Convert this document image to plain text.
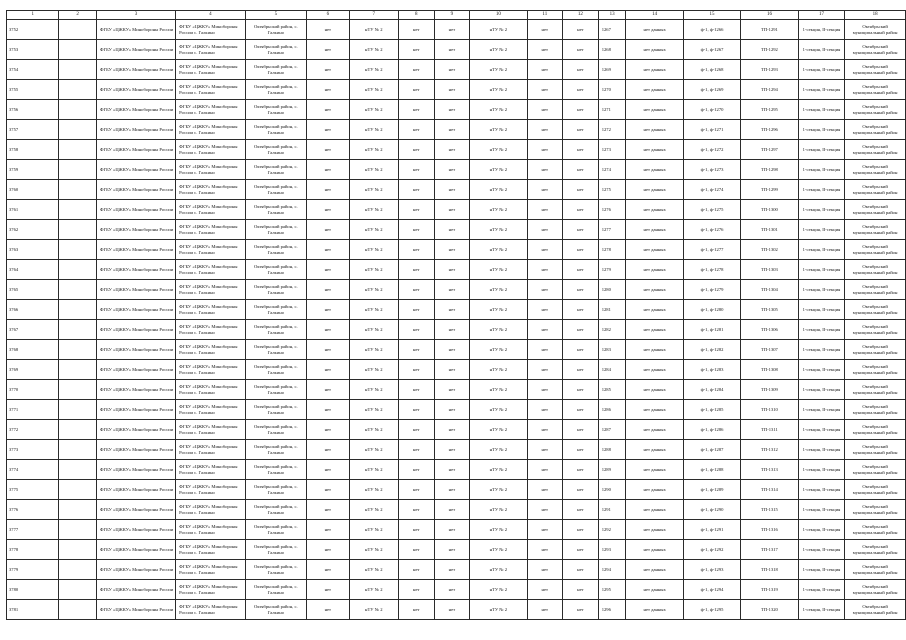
1	2	3	4	5	6	7	8	9	10	11	12	13	14	15	16	17	18
3752		ФГБУ «ЦЖКУ» Минобороны России	ФГБУ «ЦЖКУ» Минобороны России с. Галкино	Октябрьский район, с. Галкино	нет	нТУ № 2	нет	нет	нТУ № 2	нет	нет	1267	нет данных	ф-1, ф-1266	ТП-1291	1-секция, II-секция	Октябрьский муниципальный район
3753		ФГБУ «ЦЖКУ» Минобороны России	ФГБУ «ЦЖКУ» Минобороны России с. Галкино	Октябрьский район, с. Галкино	нет	нТУ № 2	нет	нет	нТУ № 2	нет	нет	1268	нет данных	ф-1, ф-1267	ТП-1292	1-секция, II-секция	Октябрьский муниципальный район
3754		ФГБУ «ЦЖКУ» Минобороны России	ФГБУ «ЦЖКУ» Минобороны России с. Галкино	Октябрьский район, с. Галкино	нет	нТУ № 2	нет	нет	нТУ № 2	нет	нет	1269	нет данных	ф-1, ф-1268	ТП-1293	1-секция, II-секция	Октябрьский муниципальный район
3755		ФГБУ «ЦЖКУ» Минобороны России	ФГБУ «ЦЖКУ» Минобороны России с. Галкино	Октябрьский район, с. Галкино	нет	нТУ № 2	нет	нет	нТУ № 2	нет	нет	1270	нет данных	ф-1, ф-1269	ТП-1294	1-секция, II-секция	Октябрьский муниципальный район
3756		ФГБУ «ЦЖКУ» Минобороны России	ФГБУ «ЦЖКУ» Минобороны России с. Галкино	Октябрьский район, с. Галкино	нет	нТУ № 2	нет	нет	нТУ № 2	нет	нет	1271	нет данных	ф-1, ф-1270	ТП-1295	1-секция, II-секция	Октябрьский муниципальный район
3757		ФГБУ «ЦЖКУ» Минобороны России	ФГБУ «ЦЖКУ» Минобороны России с. Галкино	Октябрьский район, с. Галкино	нет	нТУ № 2	нет	нет	нТУ № 2	нет	нет	1272	нет данных	ф-1, ф-1271	ТП-1296	1-секция, II-секция	Октябрьский муниципальный район
3758		ФГБУ «ЦЖКУ» Минобороны России	ФГБУ «ЦЖКУ» Минобороны России с. Галкино	Октябрьский район, с. Галкино	нет	нТУ № 2	нет	нет	нТУ № 2	нет	нет	1273	нет данных	ф-1, ф-1272	ТП-1297	1-секция, II-секция	Октябрьский муниципальный район
3759		ФГБУ «ЦЖКУ» Минобороны России	ФГБУ «ЦЖКУ» Минобороны России с. Галкино	Октябрьский район, с. Галкино	нет	нТУ № 2	нет	нет	нТУ № 2	нет	нет	1274	нет данных	ф-1, ф-1273	ТП-1298	1-секция, II-секция	Октябрьский муниципальный район
3760		ФГБУ «ЦЖКУ» Минобороны России	ФГБУ «ЦЖКУ» Минобороны России с. Галкино	Октябрьский район, с. Галкино	нет	нТУ № 2	нет	нет	нТУ № 2	нет	нет	1275	нет данных	ф-1, ф-1274	ТП-1299	1-секция, II-секция	Октябрьский муниципальный район
3761		ФГБУ «ЦЖКУ» Минобороны России	ФГБУ «ЦЖКУ» Минобороны России с. Галкино	Октябрьский район, с. Галкино	нет	нТУ № 2	нет	нет	нТУ № 2	нет	нет	1276	нет данных	ф-1, ф-1275	ТП-1300	1-секция, II-секция	Октябрьский муниципальный район
3762		ФГБУ «ЦЖКУ» Минобороны России	ФГБУ «ЦЖКУ» Минобороны России с. Галкино	Октябрьский район, с. Галкино	нет	нТУ № 2	нет	нет	нТУ № 2	нет	нет	1277	нет данных	ф-1, ф-1276	ТП-1301	1-секция, II-секция	Октябрьский муниципальный район
3763		ФГБУ «ЦЖКУ» Минобороны России	ФГБУ «ЦЖКУ» Минобороны России с. Галкино	Октябрьский район, с. Галкино	нет	нТУ № 2	нет	нет	нТУ № 2	нет	нет	1278	нет данных	ф-1, ф-1277	ТП-1302	1-секция, II-секция	Октябрьский муниципальный район
3764		ФГБУ «ЦЖКУ» Минобороны России	ФГБУ «ЦЖКУ» Минобороны России с. Галкино	Октябрьский район, с. Галкино	нет	нТУ № 2	нет	нет	нТУ № 2	нет	нет	1279	нет данных	ф-1, ф-1278	ТП-1303	1-секция, II-секция	Октябрьский муниципальный район
3765		ФГБУ «ЦЖКУ» Минобороны России	ФГБУ «ЦЖКУ» Минобороны России с. Галкино	Октябрьский район, с. Галкино	нет	нТУ № 2	нет	нет	нТУ № 2	нет	нет	1280	нет данных	ф-1, ф-1279	ТП-1304	1-секция, II-секция	Октябрьский муниципальный район
3766		ФГБУ «ЦЖКУ» Минобороны России	ФГБУ «ЦЖКУ» Минобороны России с. Галкино	Октябрьский район, с. Галкино	нет	нТУ № 2	нет	нет	нТУ № 2	нет	нет	1281	нет данных	ф-1, ф-1280	ТП-1305	1-секция, II-секция	Октябрьский муниципальный район
3767		ФГБУ «ЦЖКУ» Минобороны России	ФГБУ «ЦЖКУ» Минобороны России с. Галкино	Октябрьский район, с. Галкино	нет	нТУ № 2	нет	нет	нТУ № 2	нет	нет	1282	нет данных	ф-1, ф-1281	ТП-1306	1-секция, II-секция	Октябрьский муниципальный район
3768		ФГБУ «ЦЖКУ» Минобороны России	ФГБУ «ЦЖКУ» Минобороны России с. Галкино	Октябрьский район, с. Галкино	нет	нТУ № 2	нет	нет	нТУ № 2	нет	нет	1283	нет данных	ф-1, ф-1282	ТП-1307	1-секция, II-секция	Октябрьский муниципальный район
3769		ФГБУ «ЦЖКУ» Минобороны России	ФГБУ «ЦЖКУ» Минобороны России с. Галкино	Октябрьский район, с. Галкино	нет	нТУ № 2	нет	нет	нТУ № 2	нет	нет	1284	нет данных	ф-1, ф-1283	ТП-1308	1-секция, II-секция	Октябрьский муниципальный район
3770		ФГБУ «ЦЖКУ» Минобороны России	ФГБУ «ЦЖКУ» Минобороны России с. Галкино	Октябрьский район, с. Галкино	нет	нТУ № 2	нет	нет	нТУ № 2	нет	нет	1285	нет данных	ф-1, ф-1284	ТП-1309	1-секция, II-секция	Октябрьский муниципальный район
3771		ФГБУ «ЦЖКУ» Минобороны России	ФГБУ «ЦЖКУ» Минобороны России с. Галкино	Октябрьский район, с. Галкино	нет	нТУ № 2	нет	нет	нТУ № 2	нет	нет	1286	нет данных	ф-1, ф-1285	ТП-1310	1-секция, II-секция	Октябрьский муниципальный район
3772		ФГБУ «ЦЖКУ» Минобороны России	ФГБУ «ЦЖКУ» Минобороны России с. Галкино	Октябрьский район, с. Галкино	нет	нТУ № 2	нет	нет	нТУ № 2	нет	нет	1287	нет данных	ф-1, ф-1286	ТП-1311	1-секция, II-секция	Октябрьский муниципальный район
3773		ФГБУ «ЦЖКУ» Минобороны России	ФГБУ «ЦЖКУ» Минобороны России с. Галкино	Октябрьский район, с. Галкино	нет	нТУ № 2	нет	нет	нТУ № 2	нет	нет	1288	нет данных	ф-1, ф-1287	ТП-1312	1-секция, II-секция	Октябрьский муниципальный район
3774		ФГБУ «ЦЖКУ» Минобороны России	ФГБУ «ЦЖКУ» Минобороны России с. Галкино	Октябрьский район, с. Галкино	нет	нТУ № 2	нет	нет	нТУ № 2	нет	нет	1289	нет данных	ф-1, ф-1288	ТП-1313	1-секция, II-секция	Октябрьский муниципальный район
3775		ФГБУ «ЦЖКУ» Минобороны России	ФГБУ «ЦЖКУ» Минобороны России с. Галкино	Октябрьский район, с. Галкино	нет	нТУ № 2	нет	нет	нТУ № 2	нет	нет	1290	нет данных	ф-1, ф-1289	ТП-1314	1-секция, II-секция	Октябрьский муниципальный район
3776		ФГБУ «ЦЖКУ» Минобороны России	ФГБУ «ЦЖКУ» Минобороны России с. Галкино	Октябрьский район, с. Галкино	нет	нТУ № 2	нет	нет	нТУ № 2	нет	нет	1291	нет данных	ф-1, ф-1290	ТП-1315	1-секция, II-секция	Октябрьский муниципальный район
3777		ФГБУ «ЦЖКУ» Минобороны России	ФГБУ «ЦЖКУ» Минобороны России с. Галкино	Октябрьский район, с. Галкино	нет	нТУ № 2	нет	нет	нТУ № 2	нет	нет	1292	нет данных	ф-1, ф-1291	ТП-1316	1-секция, II-секция	Октябрьский муниципальный район
3778		ФГБУ «ЦЖКУ» Минобороны России	ФГБУ «ЦЖКУ» Минобороны России с. Галкино	Октябрьский район, с. Галкино	нет	нТУ № 2	нет	нет	нТУ № 2	нет	нет	1293	нет данных	ф-1, ф-1292	ТП-1317	1-секция, II-секция	Октябрьский муниципальный район
3779		ФГБУ «ЦЖКУ» Минобороны России	ФГБУ «ЦЖКУ» Минобороны России с. Галкино	Октябрьский район, с. Галкино	нет	нТУ № 2	нет	нет	нТУ № 2	нет	нет	1294	нет данных	ф-1, ф-1293	ТП-1318	1-секция, II-секция	Октябрьский муниципальный район
3780		ФГБУ «ЦЖКУ» Минобороны России	ФГБУ «ЦЖКУ» Минобороны России с. Галкино	Октябрьский район, с. Галкино	нет	нТУ № 2	нет	нет	нТУ № 2	нет	нет	1295	нет данных	ф-1, ф-1294	ТП-1319	1-секция, II-секция	Октябрьский муниципальный район
3781		ФГБУ «ЦЖКУ» Минобороны России	ФГБУ «ЦЖКУ» Минобороны России с. Галкино	Октябрьский район, с. Галкино	нет	нТУ № 2	нет	нет	нТУ № 2	нет	нет	1296	нет данных	ф-1, ф-1295	ТП-1320	1-секция, II-секция	Октябрьский муниципальный район
